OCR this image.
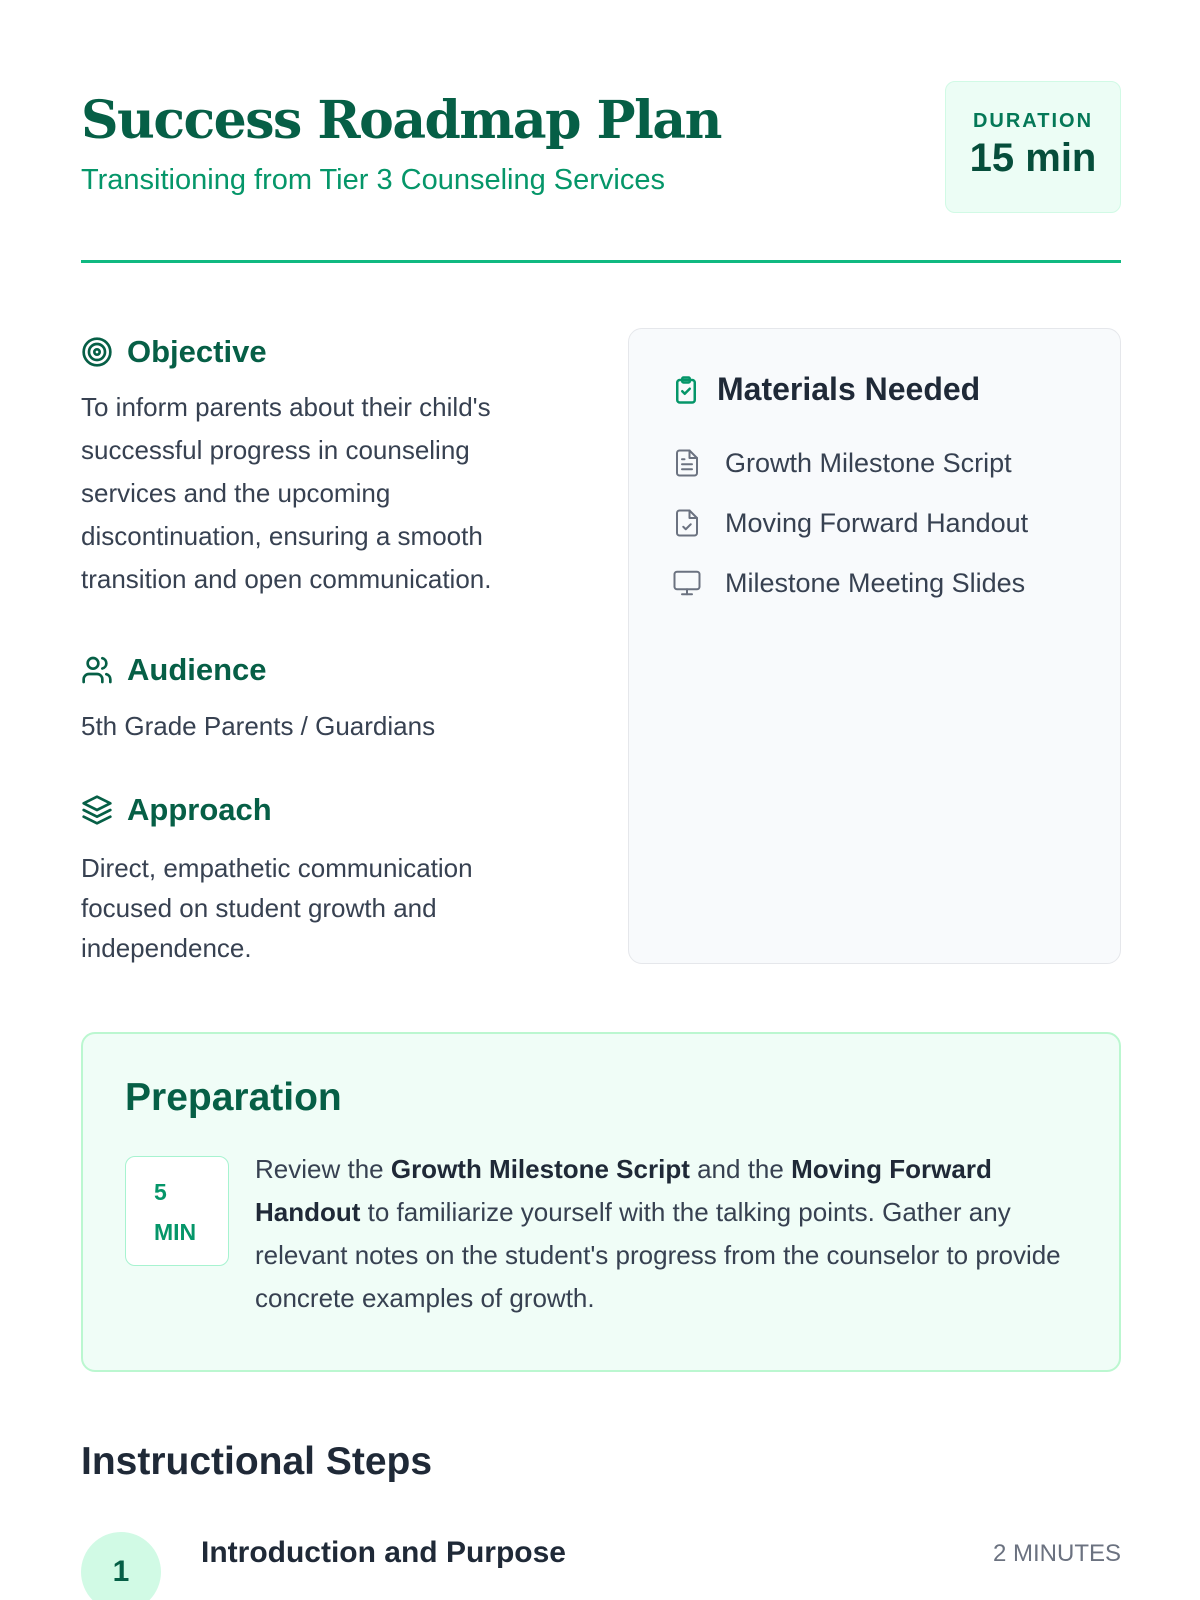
Success Roadmap Plan

Transitioning from Tier 3 Counseling Services

DURATION
15 min
Objective

To inform parents about their child's successful progress in counseling services and the upcoming discontinuation, ensuring a smooth transition and open communication.

Audience

5th Grade Parents / Guardians

Approach

Direct, empathetic communication focused on student growth and independence.

Materials Needed
Growth Milestone Script
Moving Forward Handout
Milestone Meeting Slides
Preparation
5
MIN

Review the Growth Milestone Script and the Moving Forward Handout to familiarize yourself with the talking points. Gather any relevant notes on the student's progress from the counselor to provide concrete examples of growth.

Instructional Steps
1
Introduction and Purpose	2 MINUTES
